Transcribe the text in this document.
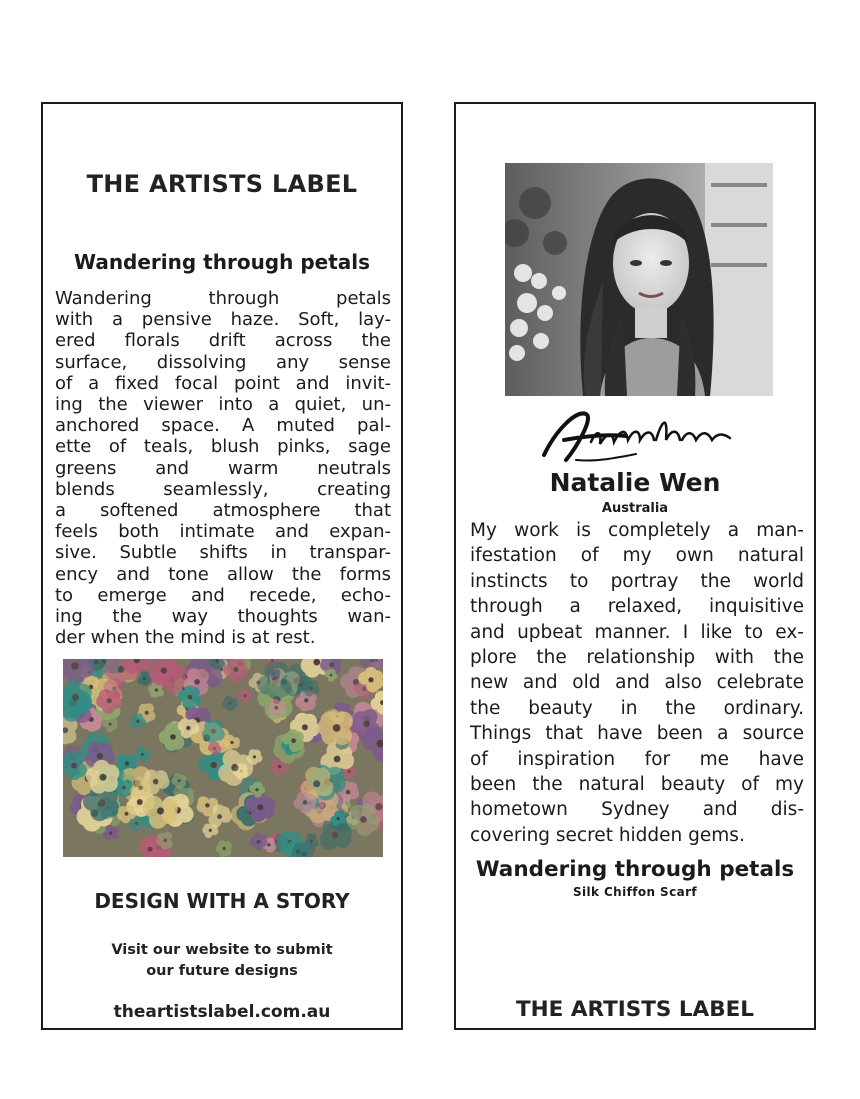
THE ARTISTS LABEL
Wandering through petals
Wandering through petals
with a pensive haze. Soft, lay-
ered florals drift across the
surface, dissolving any sense
of a fixed focal point and invit-
ing the viewer into a quiet, un-
anchored space. A muted pal-
ette of teals, blush pinks, sage
greens and warm neutrals
blends seamlessly, creating
a softened atmosphere that
feels both intimate and expan-
sive. Subtle shifts in transpar-
ency and tone allow the forms
to emerge and recede, echo-
ing the way thoughts wan-
der when the mind is at rest.
DESIGN WITH A STORY
Visit our website to submit
our future designs
theartistslabel.com.au
Natalie Wen
Australia
My work is completely a man-
ifestation of my own natural
instincts to portray the world
through a relaxed, inquisitive
and upbeat manner. I like to ex-
plore the relationship with the
new and old and also celebrate
the beauty in the ordinary.
Things that have been a source
of inspiration for me have
been the natural beauty of my
hometown Sydney and dis-
covering secret hidden gems.
Wandering through petals
Silk Chiffon Scarf
THE ARTISTS LABEL
